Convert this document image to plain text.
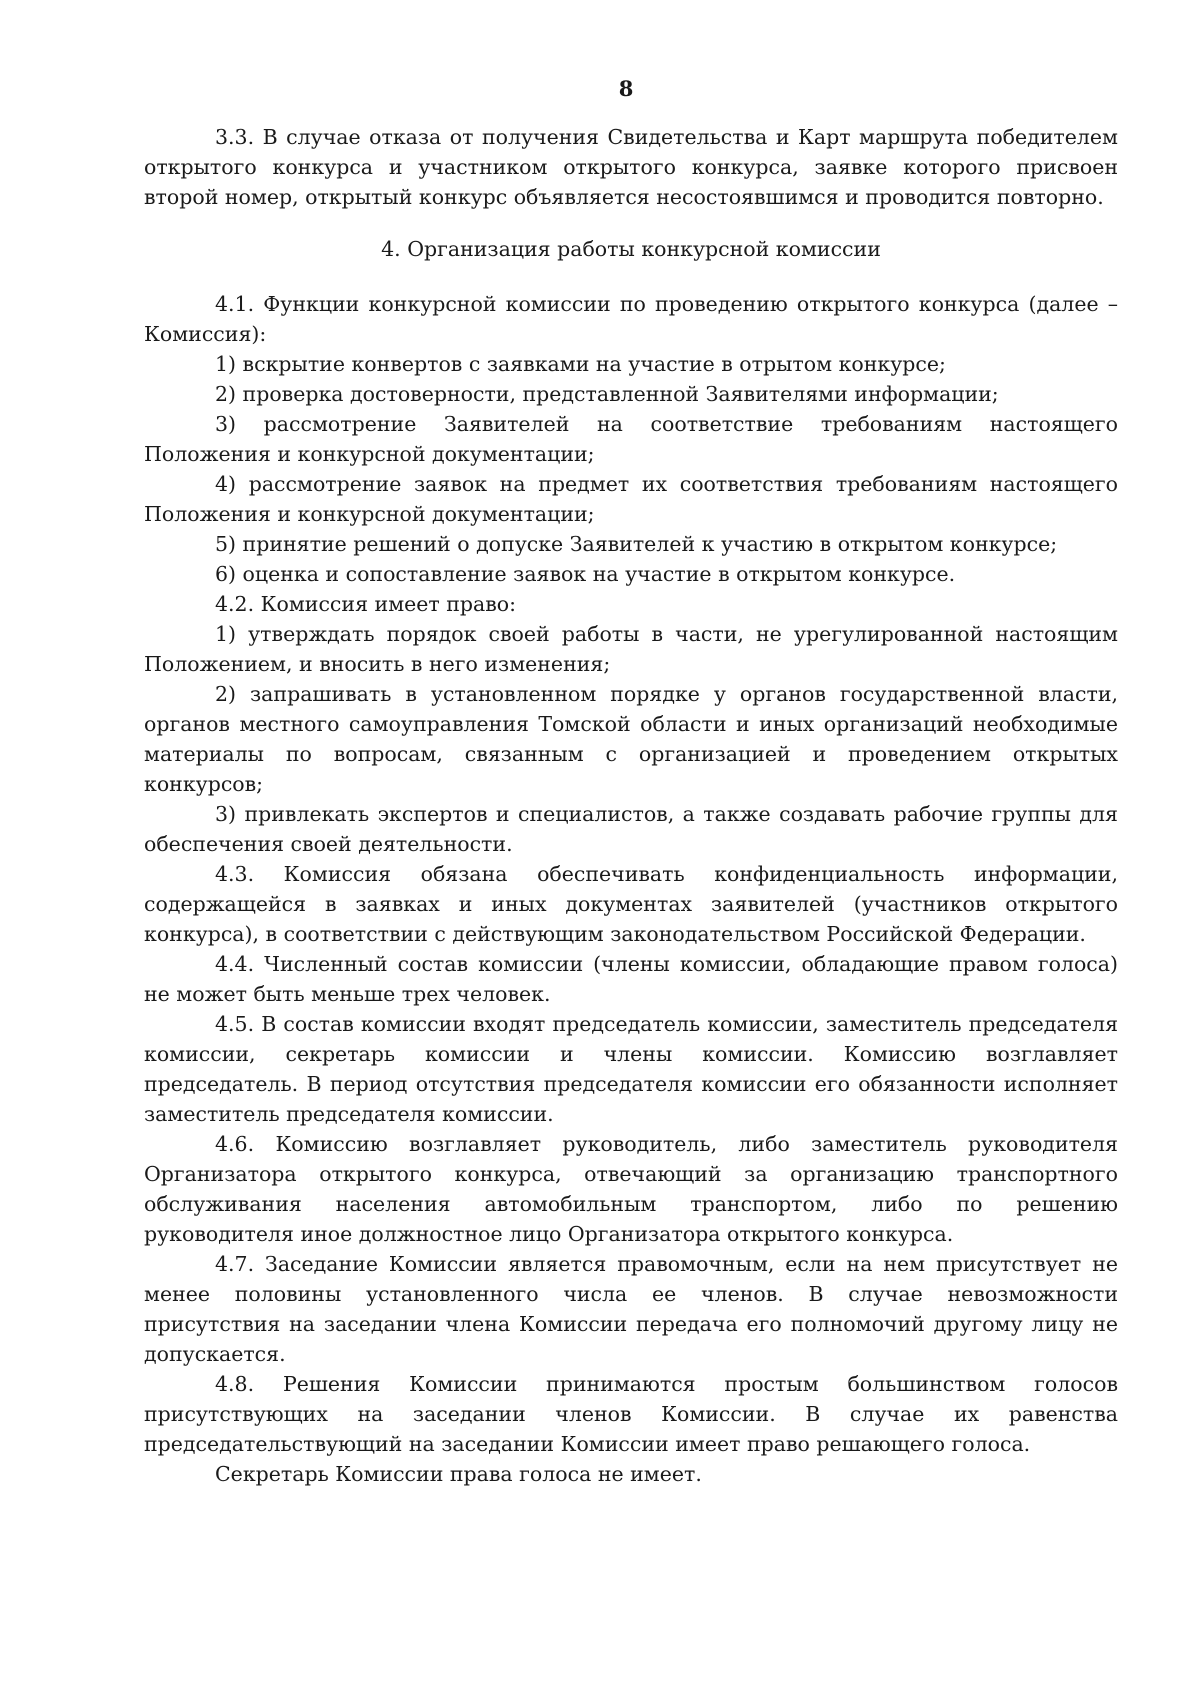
8
3.3. В случае отказа от получения Свидетельства и Карт маршрута победителем
открытого конкурса и участником открытого конкурса, заявке которого присвоен
второй номер, открытый конкурс объявляется несостоявшимся и проводится повторно.
4. Организация работы конкурсной комиссии
4.1. Функции конкурсной комиссии по проведению открытого конкурса (далее –
Комиссия):
1) вскрытие конвертов с заявками на участие в отрытом конкурсе;
2) проверка достоверности, представленной Заявителями информации;
3) рассмотрение Заявителей на соответствие требованиям настоящего
Положения и конкурсной документации;
4) рассмотрение заявок на предмет их соответствия требованиям настоящего
Положения и конкурсной документации;
5) принятие решений о допуске Заявителей к участию в открытом конкурсе;
6) оценка и сопоставление заявок на участие в открытом конкурсе.
4.2. Комиссия имеет право:
1) утверждать порядок своей работы в части, не урегулированной настоящим
Положением, и вносить в него изменения;
2) запрашивать в установленном порядке у органов государственной власти,
органов местного самоуправления Томской области и иных организаций необходимые
материалы по вопросам, связанным с организацией и проведением открытых
конкурсов;
3) привлекать экспертов и специалистов, а также создавать рабочие группы для
обеспечения своей деятельности.
4.3. Комиссия обязана обеспечивать конфиденциальность информации,
содержащейся в заявках и иных документах заявителей (участников открытого
конкурса), в соответствии с действующим законодательством Российской Федерации.
4.4. Численный состав комиссии (члены комиссии, обладающие правом голоса)
не может быть меньше трех человек.
4.5. В состав комиссии входят председатель комиссии, заместитель председателя
комиссии, секретарь комиссии и члены комиссии. Комиссию возглавляет
председатель. В период отсутствия председателя комиссии его обязанности исполняет
заместитель председателя комиссии.
4.6. Комиссию возглавляет руководитель, либо заместитель руководителя
Организатора открытого конкурса, отвечающий за организацию транспортного
обслуживания населения автомобильным транспортом, либо по решению
руководителя иное должностное лицо Организатора открытого конкурса.
4.7. Заседание Комиссии является правомочным, если на нем присутствует не
менее половины установленного числа ее членов. В случае невозможности
присутствия на заседании члена Комиссии передача его полномочий другому лицу не
допускается.
4.8. Решения Комиссии принимаются простым большинством голосов
присутствующих на заседании членов Комиссии. В случае их равенства
председательствующий на заседании Комиссии имеет право решающего голоса.
Секретарь Комиссии права голоса не имеет.
